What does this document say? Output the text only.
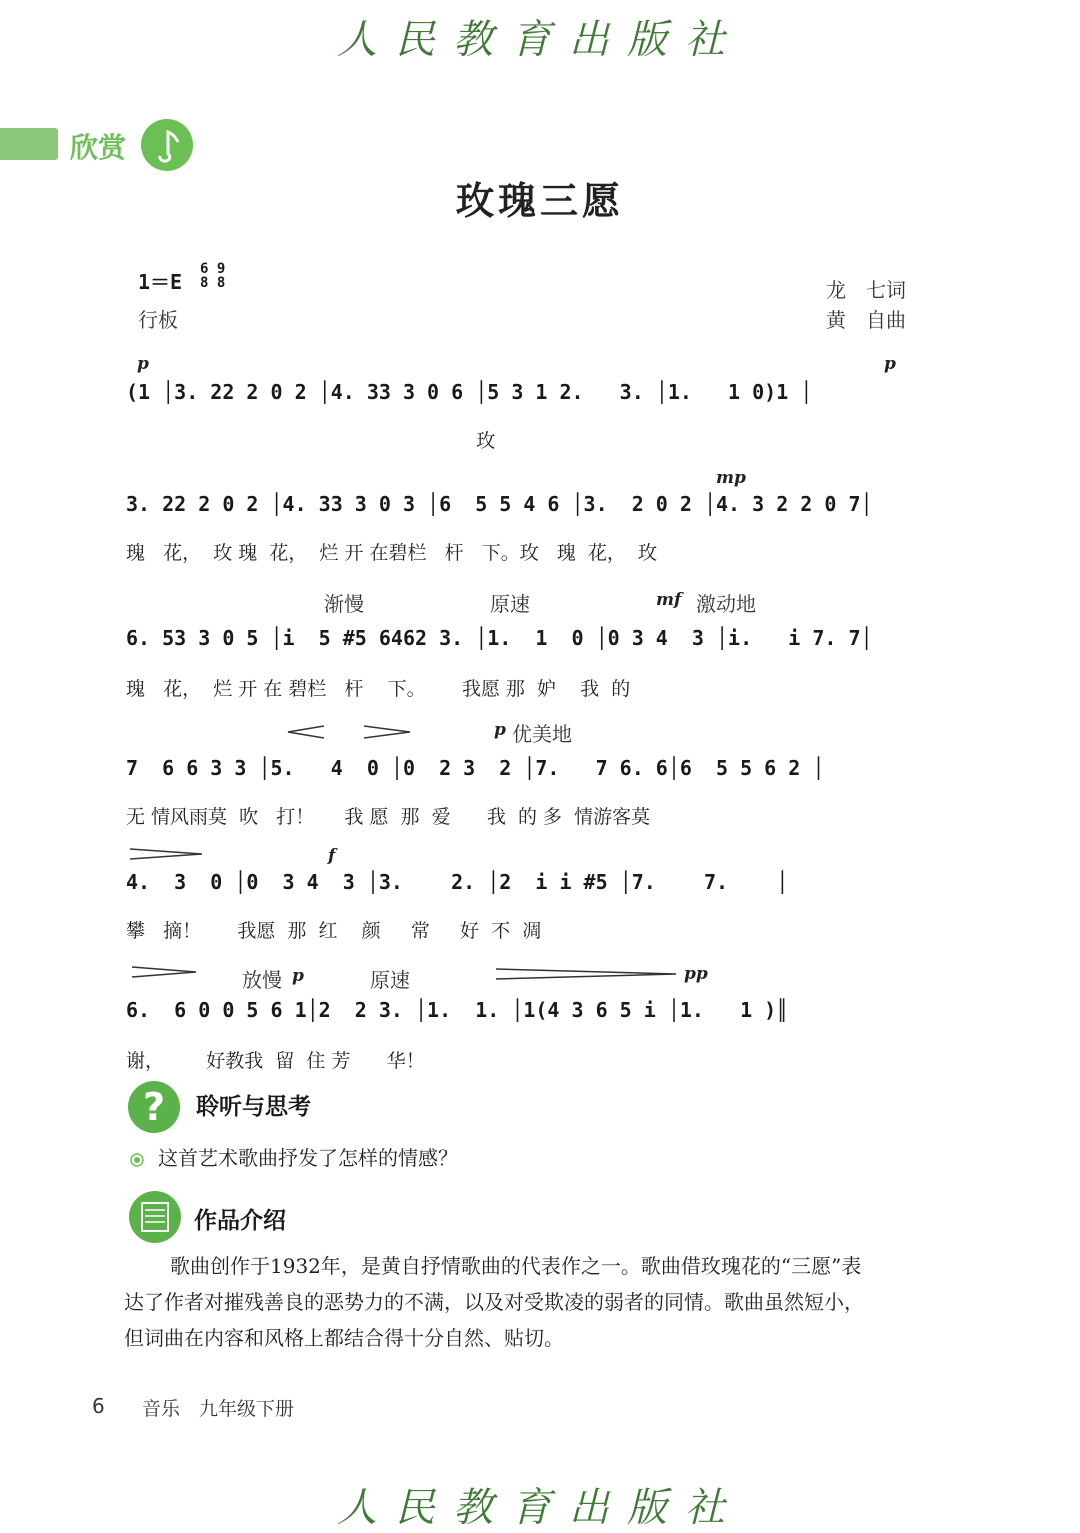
人民教育出版社
欣赏
玫瑰三愿
1＝E
6 9
8 8
行板
龙　七词
黄　自曲
p	p
(1 │3. 22 2 0 2 │4. 33 3 0 6 │5 3 1 2.   3. │1.   1 0)1 │
玫
mp
3. 22 2 0 2 │4. 33 3 0 3 │6  5 5 4 6 │3.  2 0 2 │4. 3 2 2 0 7│
瑰   花，  玫 瑰  花，  烂 开 在碧栏   杆   下。玫   瑰  花，  玫
渐慢	原速	mf 激动地
6. 53 3 0 5 │i  5 #5 6462 3. │1.  1  0 │0 3 4  3 │i.   i 7. 7│
瑰   花，  烂 开 在 碧栏   杆    下。      我愿 那  妒    我  的
p 优美地
7  6 6 3 3 │5.   4  0 │0  2 3  2 │7.   7 6. 6│6  5 5 6 2 │
无 情风雨莫  吹   打！     我 愿  那  爱      我  的 多  情游客莫
f
4.  3  0 │0  3 4  3 │3.    2. │2  i i #5 │7.    7.    │
攀   摘！      我愿  那  红    颜     常     好  不  凋
放慢 p	原速	pp
6.  6 0 0 5 6 1│2  2 3. │1.  1. │1(4 3 6 5 i │1.   1 )║
谢，       好教我  留  住 芳      华！
? 聆听与思考
这首艺术歌曲抒发了怎样的情感？
作品介绍
歌曲创作于1932年，是黄自抒情歌曲的代表作之一。歌曲借玫瑰花的“三愿”表
达了作者对摧残善良的恶势力的不满，以及对受欺凌的弱者的同情。歌曲虽然短小，
但词曲在内容和风格上都结合得十分自然、贴切。
6 音乐　九年级下册
人民教育出版社
